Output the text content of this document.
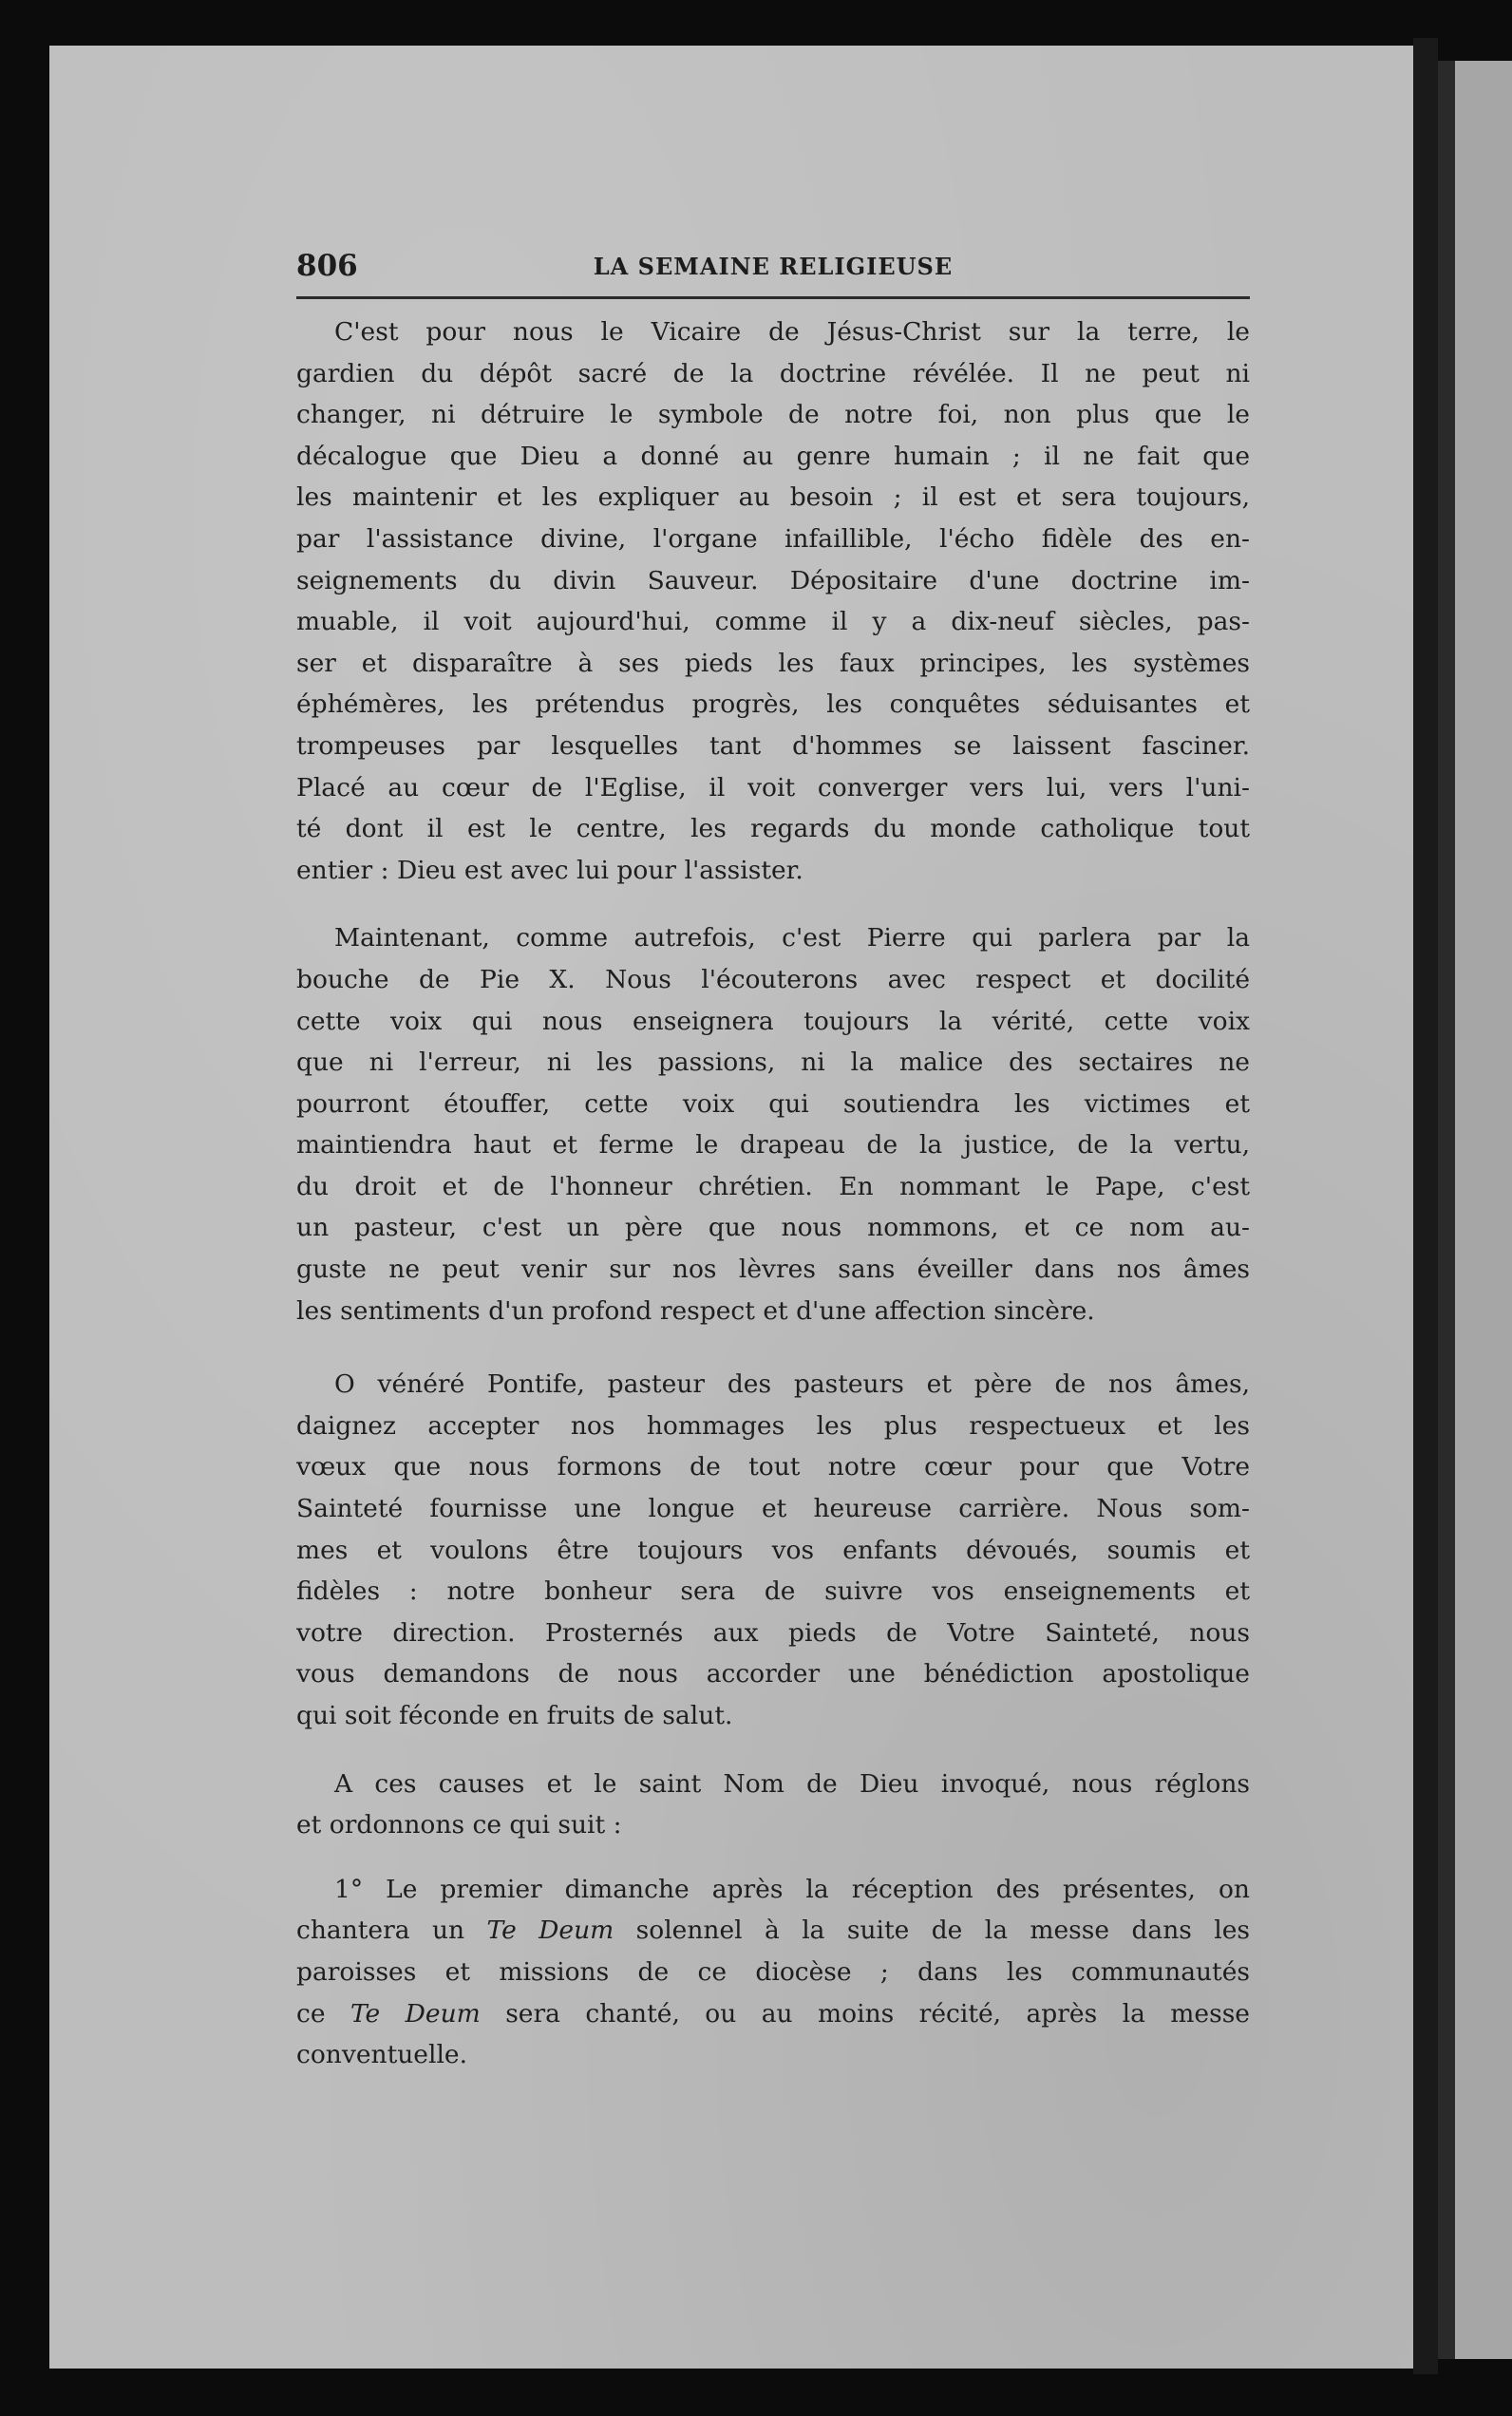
806	LA SEMAINE RELIGIEUSE
C'est pour nous le Vicaire de Jésus-Christ sur la terre, le
gardien du dépôt sacré de la doctrine révélée. Il ne peut ni
changer, ni détruire le symbole de notre foi, non plus que le
décalogue que Dieu a donné au genre humain ; il ne fait que
les maintenir et les expliquer au besoin ; il est et sera toujours,
par l'assistance divine, l'organe infaillible, l'écho fidèle des en-
seignements du divin Sauveur. Dépositaire d'une doctrine im-
muable, il voit aujourd'hui, comme il y a dix-neuf siècles, pas-
ser et disparaître à ses pieds les faux principes, les systèmes
éphémères, les prétendus progrès, les conquêtes séduisantes et
trompeuses par lesquelles tant d'hommes se laissent fasciner.
Placé au cœur de l'Eglise, il voit converger vers lui, vers l'uni-
té dont il est le centre, les regards du monde catholique tout
entier : Dieu est avec lui pour l'assister.
Maintenant, comme autrefois, c'est Pierre qui parlera par la
bouche de Pie X. Nous l'écouterons avec respect et docilité
cette voix qui nous enseignera toujours la vérité, cette voix
que ni l'erreur, ni les passions, ni la malice des sectaires ne
pourront étouffer, cette voix qui soutiendra les victimes et
maintiendra haut et ferme le drapeau de la justice, de la vertu,
du droit et de l'honneur chrétien. En nommant le Pape, c'est
un pasteur, c'est un père que nous nommons, et ce nom au-
guste ne peut venir sur nos lèvres sans éveiller dans nos âmes
les sentiments d'un profond respect et d'une affection sincère.
O vénéré Pontife, pasteur des pasteurs et père de nos âmes,
daignez accepter nos hommages les plus respectueux et les
vœux que nous formons de tout notre cœur pour que Votre
Sainteté fournisse une longue et heureuse carrière. Nous som-
mes et voulons être toujours vos enfants dévoués, soumis et
fidèles : notre bonheur sera de suivre vos enseignements et
votre direction. Prosternés aux pieds de Votre Sainteté, nous
vous demandons de nous accorder une bénédiction apostolique
qui soit féconde en fruits de salut.
A ces causes et le saint Nom de Dieu invoqué, nous réglons
et ordonnons ce qui suit :
1° Le premier dimanche après la réception des présentes, on
chantera un Te Deum solennel à la suite de la messe dans les
paroisses et missions de ce diocèse ; dans les communautés
ce Te Deum sera chanté, ou au moins récité, après la messe
conventuelle.
